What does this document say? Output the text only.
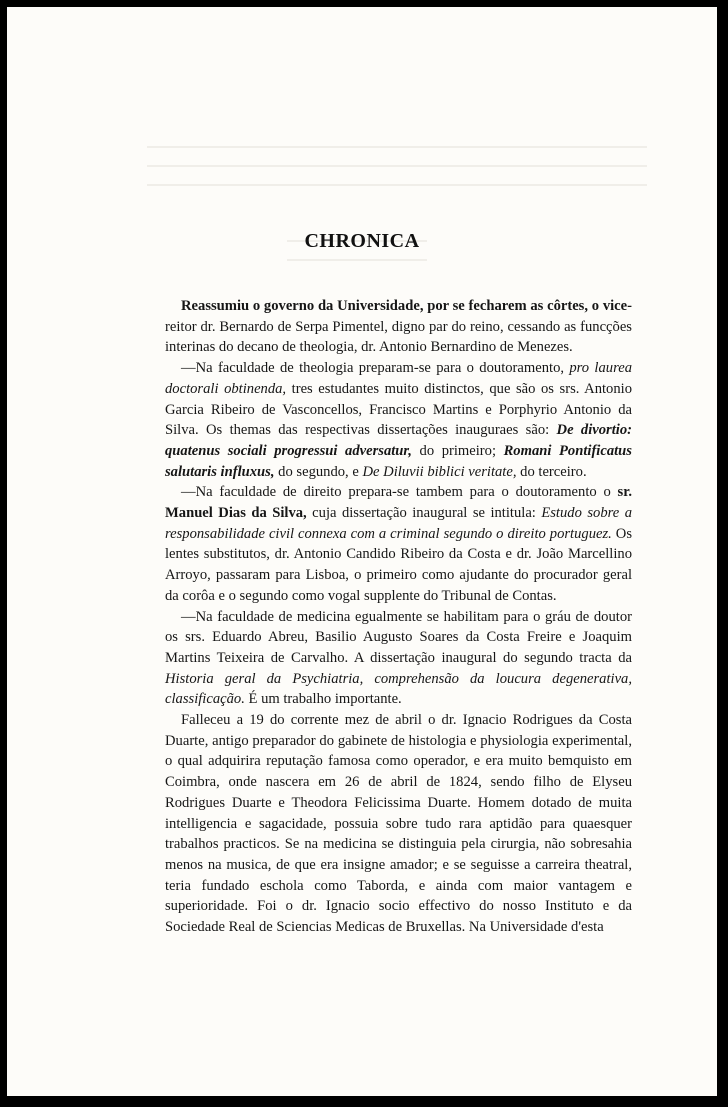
CHRONICA

Reassumiu o governo da Universidade, por se fecharem as côrtes, o vice-reitor dr. Bernardo de Serpa Pimentel, digno par do reino, cessando as funcções interinas do decano de theologia, dr. Antonio Bernardino de Menezes.

—Na faculdade de theologia preparam-se para o doutoramento, pro laurea doctorali obtinenda, tres estudantes muito distinctos, que são os srs. Antonio Garcia Ribeiro de Vasconcellos, Francisco Martins e Porphyrio Antonio da Silva. Os themas das respectivas dissertações inauguraes são: De divortio: quatenus sociali progressui adversatur, do primeiro; Romani Pontificatus salutaris influxus, do segundo, e De Diluvii biblici veritate, do terceiro.

—Na faculdade de direito prepara-se tambem para o doutoramento o sr. Manuel Dias da Silva, cuja dissertação inaugural se intitula: Estudo sobre a responsabilidade civil connexa com a criminal segundo o direito portuguez. Os lentes substitutos, dr. Antonio Candido Ribeiro da Costa e dr. João Marcellino Arroyo, passaram para Lisboa, o primeiro como ajudante do procurador geral da corôa e o segundo como vogal supplente do Tribunal de Contas.

—Na faculdade de medicina egualmente se habilitam para o gráu de doutor os srs. Eduardo Abreu, Basilio Augusto Soares da Costa Freire e Joaquim Martins Teixeira de Carvalho. A dissertação inaugural do segundo tracta da Historia geral da Psychiatria, comprehensão da loucura degenerativa, classificação. É um trabalho importante.

Falleceu a 19 do corrente mez de abril o dr. Ignacio Rodrigues da Costa Duarte, antigo preparador do gabinete de histologia e physiologia experimental, o qual adquirira reputação famosa como operador, e era muito bemquisto em Coimbra, onde nascera em 26 de abril de 1824, sendo filho de Elyseu Rodrigues Duarte e Theodora Felicissima Duarte. Homem dotado de muita intelligencia e sagacidade, possuia sobre tudo rara aptidão para quaesquer trabalhos practicos. Se na medicina se distinguia pela cirurgia, não sobresahia menos na musica, de que era insigne amador; e se seguisse a carreira theatral, teria fundado eschola como Taborda, e ainda com maior vantagem e superioridade. Foi o dr. Ignacio socio effectivo do nosso Instituto e da Sociedade Real de Sciencias Medicas de Bruxellas. Na Universidade d'esta
